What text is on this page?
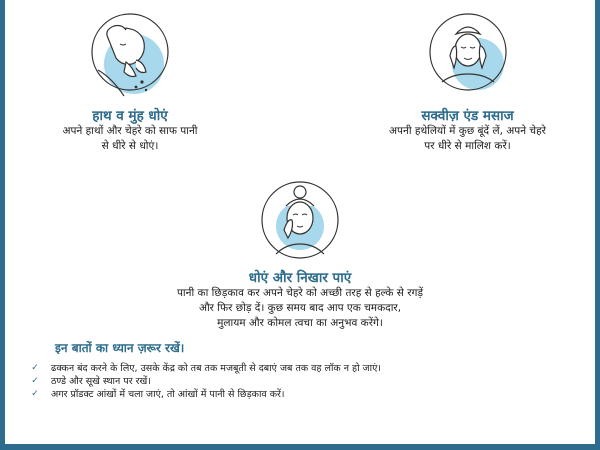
हाथ व मुंह धोएं

अपने हाथों और चेहरे को साफ पानी
से धीरे से धोएं।

सक्वीज़ एंड मसाज

अपनी हथेलियों में कुछ बूंदें लें, अपने चेहरे
पर धीरे से मालिश करें।

धोएं और निखार पाएं

पानी का छिड़काव कर अपने चेहरे को अच्छी तरह से हल्के से रगड़ें
और फिर छोड़ दें। कुछ समय बाद आप एक चमकदार,
मुलायम और कोमल त्वचा का अनुभव करेंगे।

इन बातों का ध्यान ज़रूर रखें।

✓ ढक्कन बंद करने के लिए, उसके केंद्र को तब तक मजबूती से दबाएं जब तक वह लॉक न हो जाएं।
✓ ठण्डे और सूखे स्थान पर रखें।
✓ अगर प्रॉडक्ट आंखों में चला जाएं, तो आंखों में पानी से छिड़काव करें।
